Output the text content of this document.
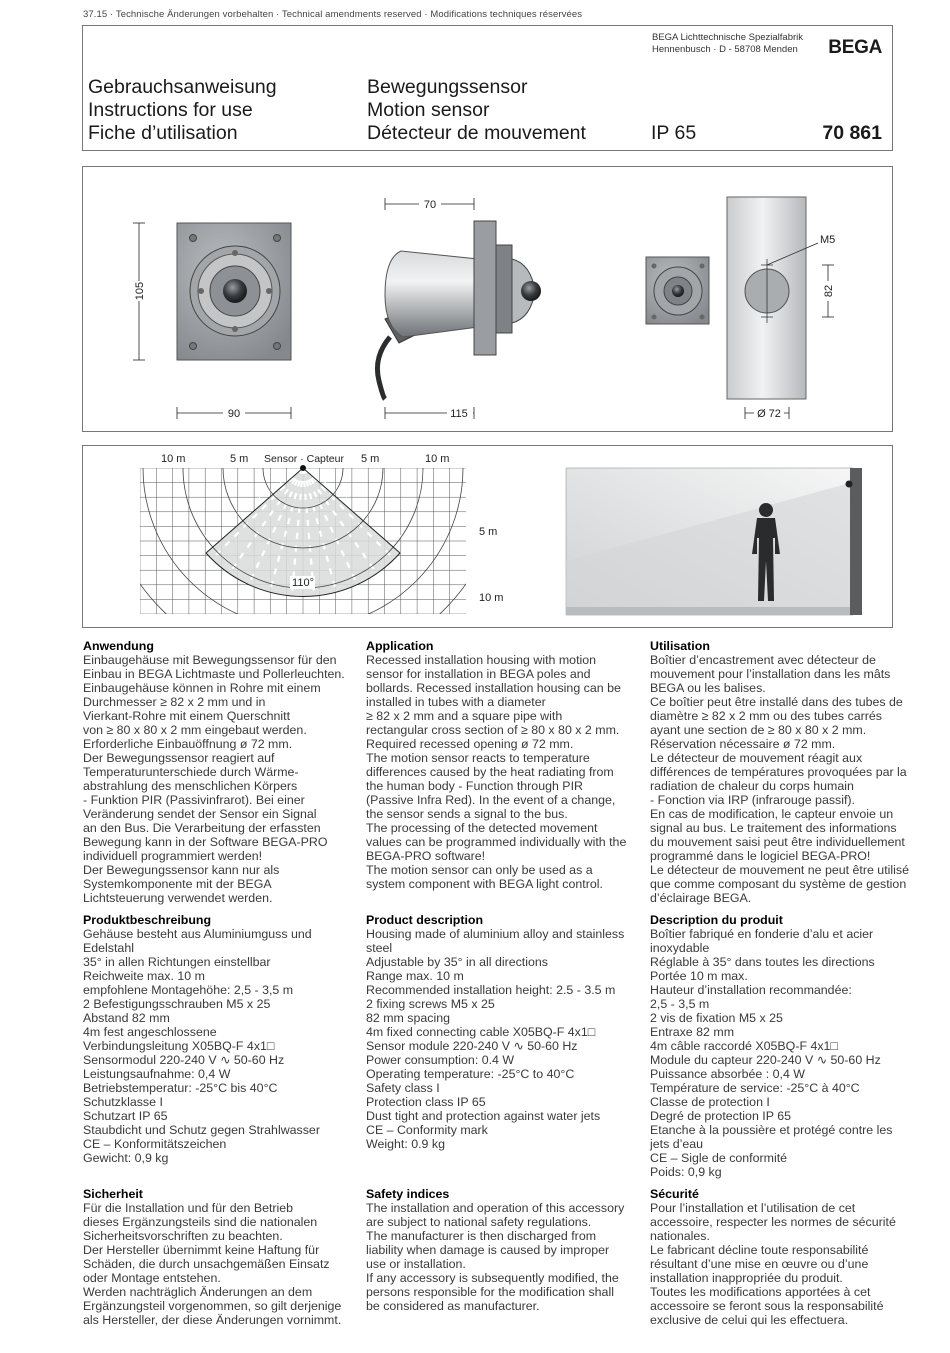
37.15 · Technische Änderungen vorbehalten · Technical amendments reserved · Modifications techniques réservées
BEGA Lichttechnische Spezialfabrik
Hennenbusch · D - 58708 Menden BEGA
Gebrauchsanweisung
Instructions for use
Fiche d’utilisation
Bewegungssensor
Motion sensor
Détecteur de mouvement	IP 65	70 861
105
90
70
115
M5
82
Ø 72
10 m	5 m Sensor · Capteur 5 m	10 m
110°
5 m
10 m
Anwendung

Einbaugehäuse mit Bewegungssensor für den
Einbau in BEGA Lichtmaste und Pollerleuchten.
Einbaugehäuse können in Rohre mit einem
Durchmesser ≥ 82 x 2 mm und in
Vierkant-Rohre mit einem Querschnitt
von ≥ 80 x 80 x 2 mm eingebaut werden.
Erforderliche Einbauöffnung ø 72 mm.
Der Bewegungssensor reagiert auf
Temperaturunterschiede durch Wärme-
abstrahlung des menschlichen Körpers
- Funktion PIR (Passivinfrarot). Bei einer
Veränderung sendet der Sensor ein Signal
an den Bus. Die Verarbeitung der erfassten
Bewegung kann in der Software BEGA-PRO
individuell programmiert werden!
Der Bewegungssensor kann nur als
Systemkomponente mit der BEGA
Lichtsteuerung verwendet werden.

Produktbeschreibung

Gehäuse besteht aus Aluminiumguss und
Edelstahl
35° in allen Richtungen einstellbar
Reichweite max. 10 m
empfohlene Montagehöhe: 2,5 - 3,5 m
2 Befestigungsschrauben M5 x 25
Abstand 82 mm
4m fest angeschlossene
Verbindungsleitung X05BQ-F 4x1□
Sensormodul 220-240 V ∿ 50-60 Hz
Leistungsaufnahme: 0,4 W
Betriebstemperatur: -25°C bis 40°C
Schutzklasse I
Schutzart IP 65
Staubdicht und Schutz gegen Strahlwasser
CE – Konformitätszeichen
Gewicht: 0,9 kg

Sicherheit

Für die Installation und für den Betrieb
dieses Ergänzungsteils sind die nationalen
Sicherheitsvorschriften zu beachten.
Der Hersteller übernimmt keine Haftung für
Schäden, die durch unsachgemäßen Einsatz
oder Montage entstehen.
Werden nachträglich Änderungen an dem
Ergänzungsteil vorgenommen, so gilt derjenige
als Hersteller, der diese Änderungen vornimmt.

Application

Recessed installation housing with motion
sensor for installation in BEGA poles and
bollards. Recessed installation housing can be
installed in tubes with a diameter
≥ 82 x 2 mm and a square pipe with
rectangular cross section of ≥ 80 x 80 x 2 mm.
Required recessed opening ø 72 mm.
The motion sensor reacts to temperature
differences caused by the heat radiating from
the human body - Function through PIR
(Passive Infra Red). In the event of a change,
the sensor sends a signal to the bus.
The processing of the detected movement
values can be programmed individually with the
BEGA-PRO software!
The motion sensor can only be used as a
system component with BEGA light control.

Product description

Housing made of aluminium alloy and stainless
steel
Adjustable by 35° in all directions
Range max. 10 m
Recommended installation height: 2.5 - 3.5 m
2 fixing screws M5 x 25
82 mm spacing
4m fixed connecting cable X05BQ-F 4x1□
Sensor module 220-240 V ∿ 50-60 Hz
Power consumption: 0.4 W
Operating temperature: -25°C to 40°C
Safety class I
Protection class IP 65
Dust tight and protection against water jets
CE – Conformity mark
Weight: 0.9 kg

Safety indices

The installation and operation of this accessory
are subject to national safety regulations.
The manufacturer is then discharged from
liability when damage is caused by improper
use or installation.
If any accessory is subsequently modified, the
persons responsible for the modification shall
be considered as manufacturer.

Utilisation

Boîtier d’encastrement avec détecteur de
mouvement pour l’installation dans les mâts
BEGA ou les balises.
Ce boîtier peut être installé dans des tubes de
diamètre ≥ 82 x 2 mm ou des tubes carrés
ayant une section de ≥ 80 x 80 x 2 mm.
Réservation nécessaire ø 72 mm.
Le détecteur de mouvement réagit aux
différences de températures provoquées par la
radiation de chaleur du corps humain
- Fonction via IRP (infrarouge passif).
En cas de modification, le capteur envoie un
signal au bus. Le traitement des informations
du mouvement saisi peut être individuellement
programmé dans le logiciel BEGA-PRO!
Le détecteur de mouvement ne peut être utilisé
que comme composant du système de gestion
d’éclairage BEGA.

Description du produit

Boîtier fabriqué en fonderie d’alu et acier
inoxydable
Réglable à 35° dans toutes les directions
Portée 10 m max.
Hauteur d’installation recommandée:
2,5 - 3,5 m
2 vis de fixation M5 x 25
Entraxe 82 mm
4m câble raccordé X05BQ-F 4x1□
Module du capteur 220-240 V ∿ 50-60 Hz
Puissance absorbée : 0,4 W
Température de service: -25°C à 40°C
Classe de protection I
Degré de protection IP 65
Etanche à la poussière et protégé contre les
jets d’eau
CE – Sigle de conformité
Poids: 0,9 kg

Sécurité

Pour l’installation et l’utilisation de cet
accessoire, respecter les normes de sécurité
nationales.
Le fabricant décline toute responsabilité
résultant d’une mise en œuvre ou d’une
installation inappropriée du produit.
Toutes les modifications apportées à cet
accessoire se feront sous la responsabilité
exclusive de celui qui les effectuera.
